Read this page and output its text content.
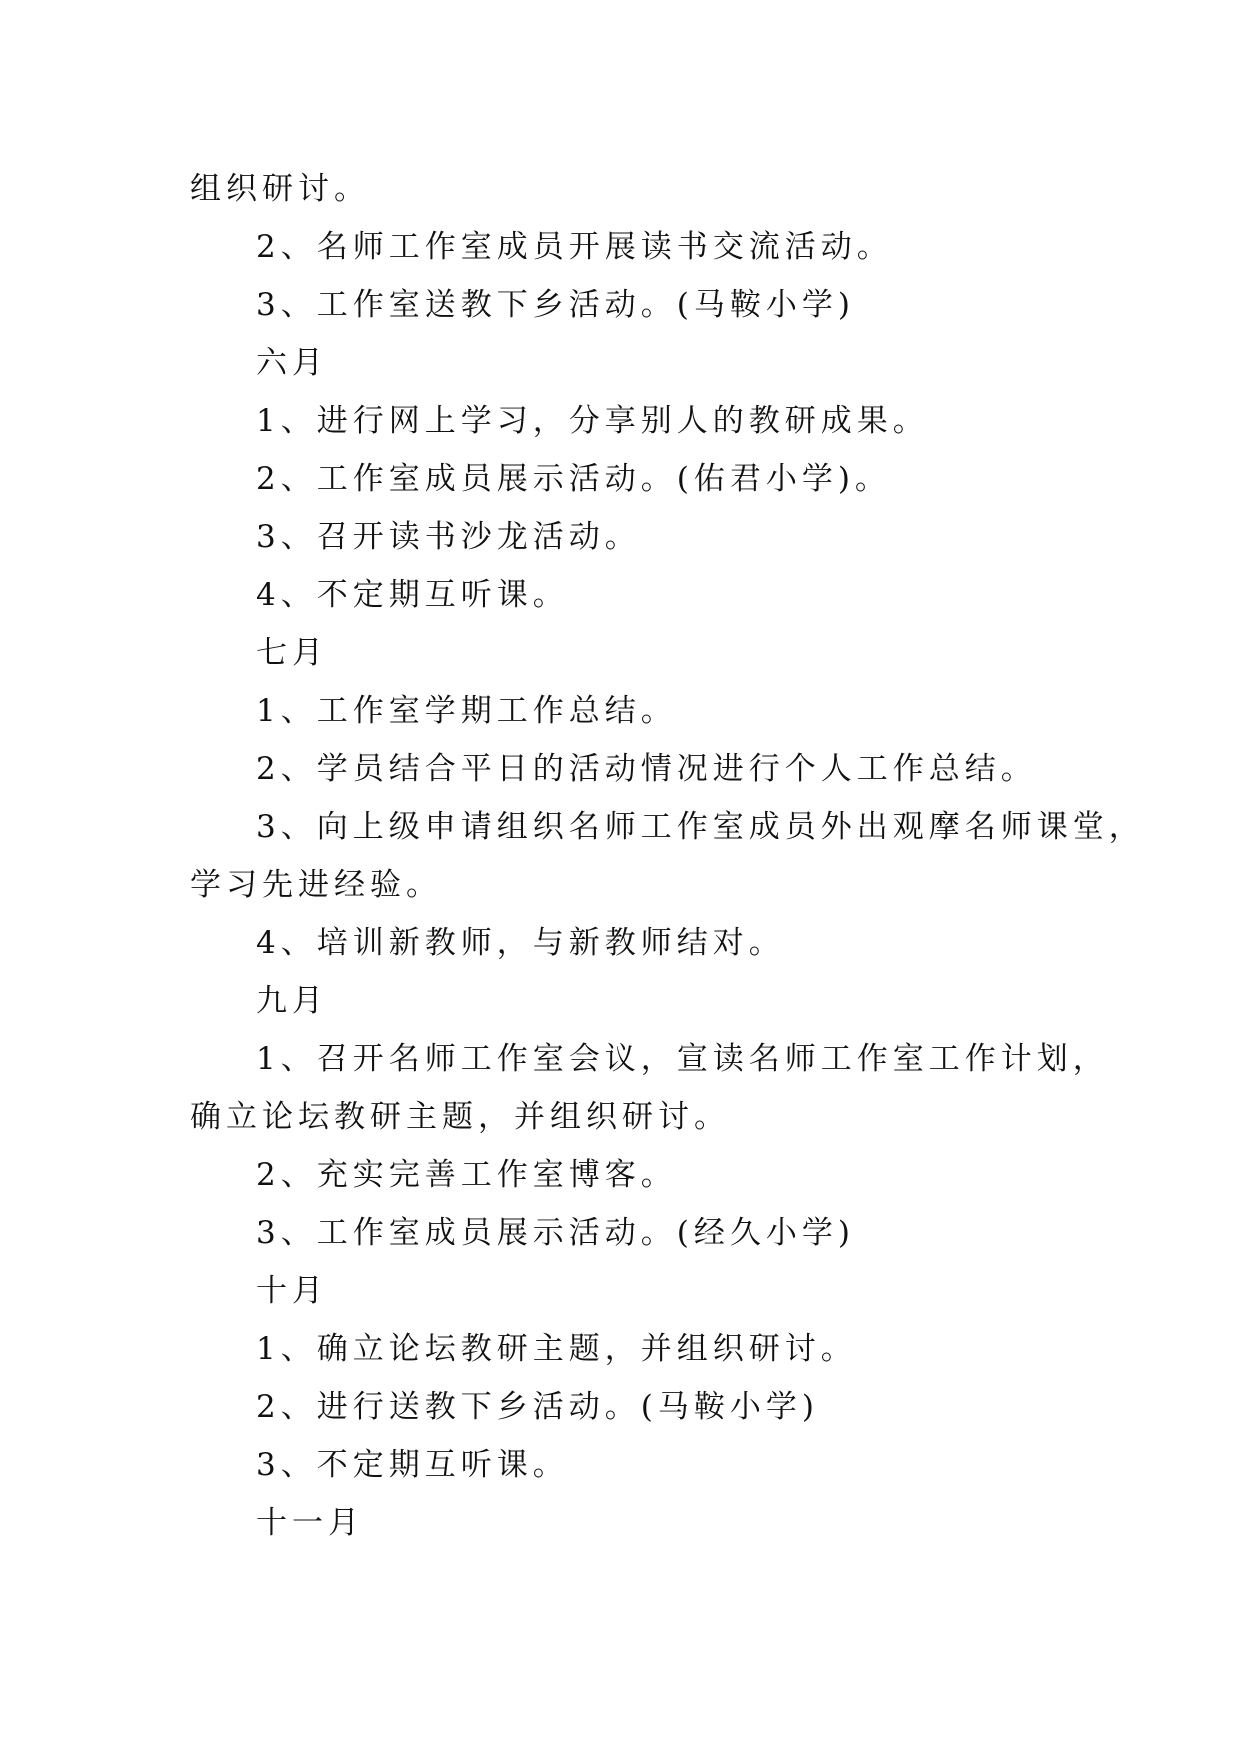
组织研讨。
2、名师工作室成员开展读书交流活动。
3、工作室送教下乡活动。(马鞍小学)
六月
1、进行网上学习，分享别人的教研成果。
2、工作室成员展示活动。(佑君小学)。
3、召开读书沙龙活动。
4、不定期互听课。
七月
1、工作室学期工作总结。
2、学员结合平日的活动情况进行个人工作总结。
3、向上级申请组织名师工作室成员外出观摩名师课堂，
学习先进经验。
4、培训新教师，与新教师结对。
九月
1、召开名师工作室会议，宣读名师工作室工作计划，
确立论坛教研主题，并组织研讨。
2、充实完善工作室博客。
3、工作室成员展示活动。(经久小学)
十月
1、确立论坛教研主题，并组织研讨。
2、进行送教下乡活动。(马鞍小学)
3、不定期互听课。
十一月
